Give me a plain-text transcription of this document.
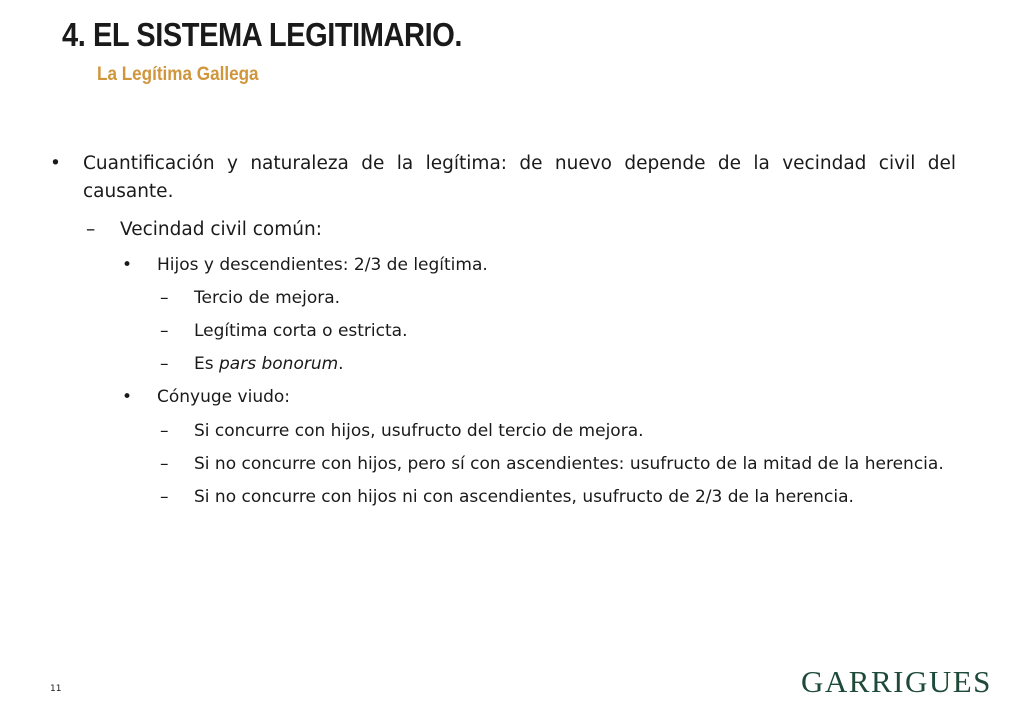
4. EL SISTEMA LEGITIMARIO.
La Legítima Gallega
• Cuantificación y naturaleza de la legítima: de nuevo depende de la vecindad civil del
causante.
– Vecindad civil común:
• Hijos y descendientes: 2/3 de legítima.
– Tercio de mejora.
– Legítima corta o estricta.
– Es pars bonorum.
• Cónyuge viudo:
– Si concurre con hijos, usufructo del tercio de mejora.
– Si no concurre con hijos, pero sí con ascendientes: usufructo de la mitad de la herencia.
– Si no concurre con hijos ni con ascendientes, usufructo de 2/3 de la herencia.
11	GARRIGUES
